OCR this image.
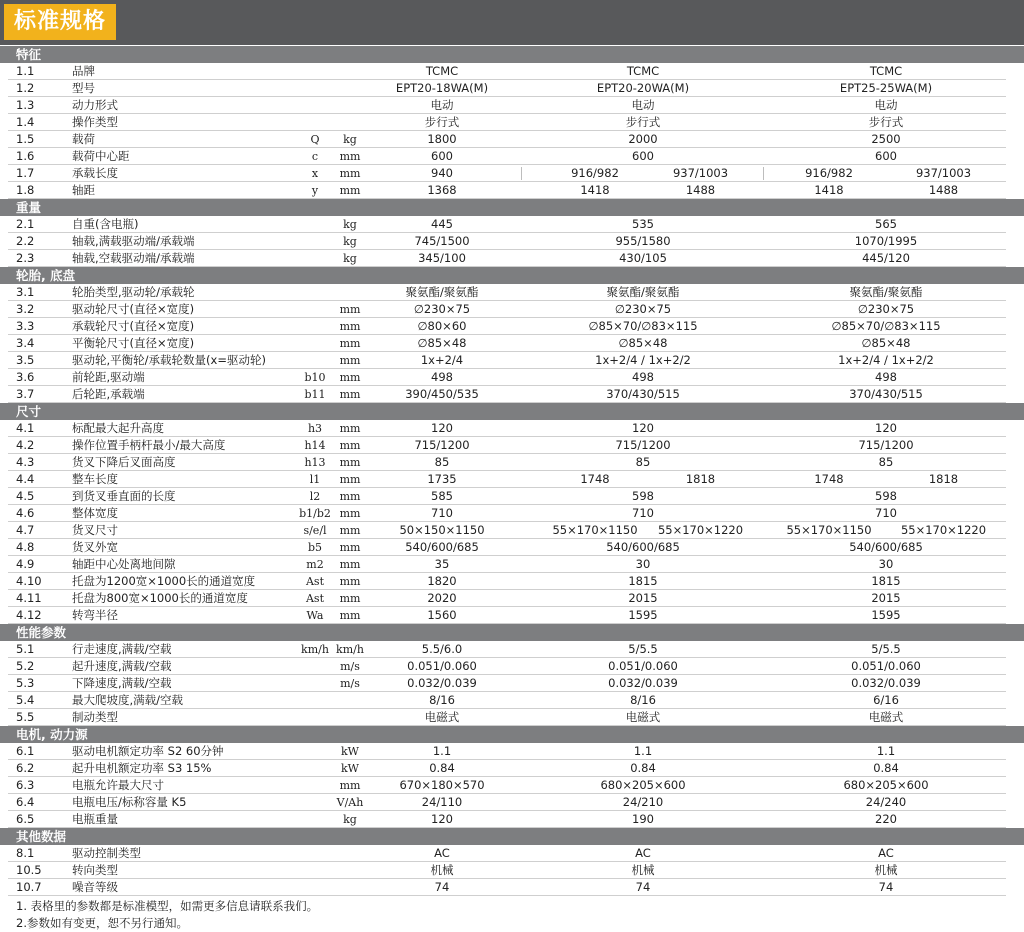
标准规格
特征
1.1	品牌	TCMC	TCMC	TCMC
1.2	型号	EPT20-18WA(M)	EPT20-20WA(M)	EPT25-25WA(M)
1.3	动力形式	电动	电动	电动
1.4	操作类型	步行式	步行式	步行式
1.5	载荷	Q	kg	1800	2000	2500
1.6	载荷中心距	c	mm	600	600	600
1.7	承载长度	x	mm	940	916/982	937/1003	916/982	937/1003
1.8	轴距	y	mm	1368	1418	1488	1418	1488
重量
2.1	自重(含电瓶)	kg	445	535	565
2.2	轴载,满载驱动端/承载端	kg	745/1500	955/1580	1070/1995
2.3	轴载,空载驱动端/承载端	kg	345/100	430/105	445/120
轮胎, 底盘
3.1	轮胎类型,驱动轮/承载轮	聚氨酯/聚氨酯	聚氨酯/聚氨酯	聚氨酯/聚氨酯
3.2	驱动轮尺寸(直径×宽度)	mm	∅230×75	∅230×75	∅230×75
3.3	承载轮尺寸(直径×宽度)	mm	∅80×60	∅85×70/∅83×115	∅85×70/∅83×115
3.4	平衡轮尺寸(直径×宽度)	mm	∅85×48	∅85×48	∅85×48
3.5	驱动轮,平衡轮/承载轮数量(x=驱动轮)	mm	1x+2/4	1x+2/4 / 1x+2/2	1x+2/4 / 1x+2/2
3.6	前轮距,驱动端	b10	mm	498	498	498
3.7	后轮距,承载端	b11	mm	390/450/535	370/430/515	370/430/515
尺寸
4.1	标配最大起升高度	h3	mm	120	120	120
4.2	操作位置手柄杆最小/最大高度	h14	mm	715/1200	715/1200	715/1200
4.3	货叉下降后叉面高度	h13	mm	85	85	85
4.4	整车长度	l1	mm	1735	1748	1818	1748	1818
4.5	到货叉垂直面的长度	l2	mm	585	598	598
4.6	整体宽度	b1/b2 mm	710	710	710
4.7	货叉尺寸	s/e/l	mm	50×150×1150	55×170×1150	55×170×1220	55×170×1150	55×170×1220
4.8	货叉外宽	b5	mm	540/600/685	540/600/685	540/600/685
4.9	轴距中心处离地间隙	m2	mm	35	30	30
4.10	托盘为1200宽×1000长的通道宽度	Ast	mm	1820	1815	1815
4.11	托盘为800宽×1000长的通道宽度	Ast	mm	2020	2015	2015
4.12	转弯半径	Wa	mm	1560	1595	1595
性能参数
5.1	行走速度,满载/空载	km/h km/h	5.5/6.0	5/5.5	5/5.5
5.2	起升速度,满载/空载	m/s	0.051/0.060	0.051/0.060	0.051/0.060
5.3	下降速度,满载/空载	m/s	0.032/0.039	0.032/0.039	0.032/0.039
5.4	最大爬坡度,满载/空载	8/16	8/16	6/16
5.5	制动类型	电磁式	电磁式	电磁式
电机, 动力源
6.1	驱动电机额定功率 S2 60分钟	kW	1.1	1.1	1.1
6.2	起升电机额定功率 S3 15%	kW	0.84	0.84	0.84
6.3	电瓶允许最大尺寸	mm	670×180×570	680×205×600	680×205×600
6.4	电瓶电压/标称容量 K5	V/Ah	24/110	24/210	24/240
6.5	电瓶重量	kg	120	190	220
其他数据
8.1	驱动控制类型	AC	AC	AC
10.5	转向类型	机械	机械	机械
10.7	噪音等级	74	74	74
1. 表格里的参数都是标准模型，如需更多信息请联系我们。
2.参数如有变更，恕不另行通知。
